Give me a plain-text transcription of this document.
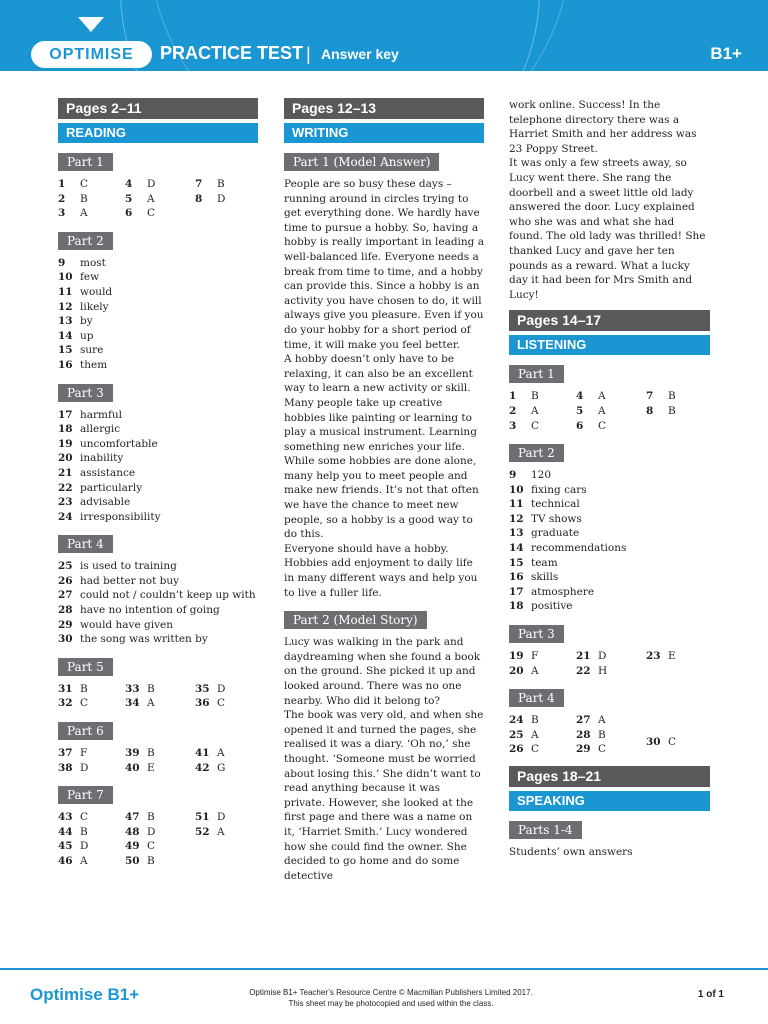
OPTIMISE PRACTICE TEST | Answer key	B1+
Pages 2–11
READING
Part 1
1 C	4 D	7 B
2 B	5 A	8 D
3 A	6 C
Part 2
9	most
10 few
11 would
12 likely
13 by
14 up
15 sure
16 them
Part 3
17 harmful
18 allergic
19 uncomfortable
20 inability
21 assistance
22 particularly
23 advisable
24 irresponsibility
Part 4
25 is used to training
26 had better not buy
27 could not / couldn’t keep up with
28 have no intention of going
29 would have given
30 the song was written by
Part 5
31 B	33 B	35 D
32 C	34 A	36 C
Part 6
37 F	39 B	41 A
38 D	40 E	42 G
Part 7
43 C	47 B	51 D
44 B	48 D	52 A
45 D	49 C
46 A	50 B
Pages 12–13
WRITING
Part 1 (Model Answer)

People are so busy these days – running around in circles trying to get everything done. We hardly have time to pursue a hobby. So, having a hobby is really important in leading a well-balanced life. Everyone needs a break from time to time, and a hobby can provide this. Since a hobby is an activity you have chosen to do, it will always give you pleasure. Even if you do your hobby for a short period of time, it will make you feel better.

A hobby doesn’t only have to be relaxing, it can also be an excellent way to learn a new activity or skill. Many people take up creative hobbies like painting or learning to play a musical instrument. Learning something new enriches your life.

While some hobbies are done alone, many help you to meet people and make new friends. It’s not that often we have the chance to meet new people, so a hobby is a good way to do this.

Everyone should have a hobby. Hobbies add enjoyment to daily life in many different ways and help you to live a fuller life.

Part 2 (Model Story)

Lucy was walking in the park and daydreaming when she found a book on the ground. She picked it up and looked around. There was no one nearby. Who did it belong to?

The book was very old, and when she opened it and turned the pages, she realised it was a diary. ‘Oh no,’ she thought. ‘Someone must be worried about losing this.’ She didn’t want to read anything because it was private. However, she looked at the first page and there was a name on it, ‘Harriet Smith.’ Lucy wondered how she could find the owner. She decided to go home and do some detective

work online. Success! In the telephone directory there was a Harriet Smith and her address was 23 Poppy Street.

It was only a few streets away, so Lucy went there. She rang the doorbell and a sweet little old lady answered the door. Lucy explained who she was and what she had found. The old lady was thrilled! She thanked Lucy and gave her ten pounds as a reward. What a lucky day it had been for Mrs Smith and Lucy!

Pages 14–17
LISTENING
Part 1
1 B	4 A	7 B
2 A	5 A	8 B
3 C	6 C
Part 2
9	120
10 fixing cars
11 technical
12 TV shows
13 graduate
14 recommendations
15 team
16 skills
17 atmosphere
18 positive
Part 3
19 F	21 D	23 E
20 A	22 H
Part 4
24 B	27 A
25 A	28 B
30 C
26 C	29 C
Pages 18–21
SPEAKING
Parts 1-4
Students’ own answers
Optimise B1+	Optimise B1+ Teacher’s Resource Centre © Macmillan Publishers Limited 2017.
This sheet may be photocopied and used within the class.
1 of 1
